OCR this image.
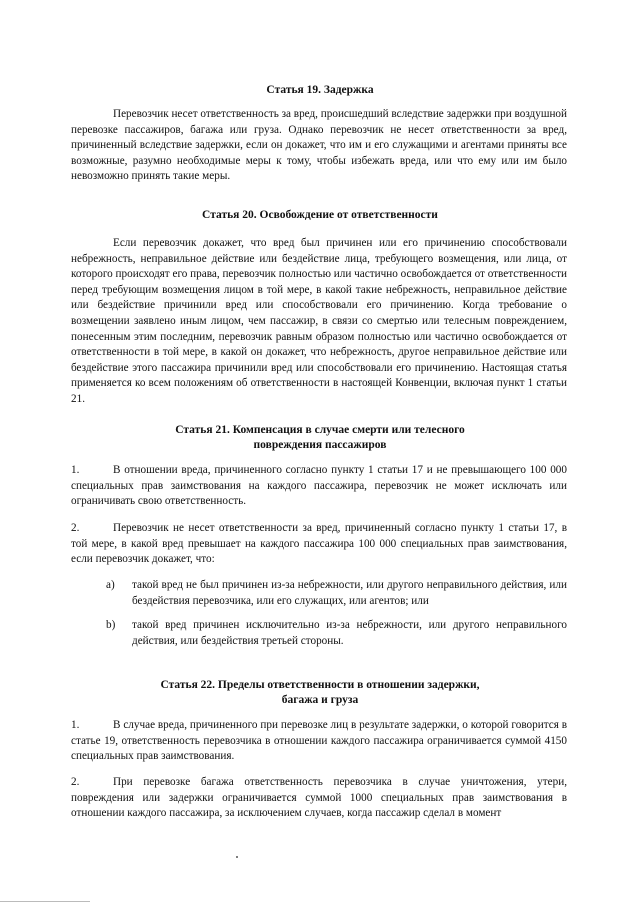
Статья 19. Задержка

Перевозчик несет ответственность за вред, происшедший вследствие задержки при воздушной перевозке пассажиров, багажа или груза. Однако перевозчик не несет ответственности за вред, причиненный вследствие задержки, если он докажет, что им и его служащими и агентами приняты все возможные, разумно необходимые меры к тому, чтобы избежать вреда, или что ему или им было невозможно принять такие меры.

Статья 20. Освобождение от ответственности

Если перевозчик докажет, что вред был причинен или его причинению способствовали небрежность, неправильное действие или бездействие лица, требующего возмещения, или лица, от которого происходят его права, перевозчик полностью или частично освобождается от ответственности перед требующим возмещения лицом в той мере, в какой такие небрежность, неправильное действие или бездействие причинили вред или способствовали его причинению. Когда требование о возмещении заявлено иным лицом, чем пассажир, в связи со смертью или телесным повреждением, понесенным этим последним, перевозчик равным образом полностью или частично освобождается от ответственности в той мере, в какой он докажет, что небрежность, другое неправильное действие или бездействие этого пассажира причинили вред или способствовали его причинению. Настоящая статья применяется ко всем положениям об ответственности в настоящей Конвенции, включая пункт 1 статьи 21.

Статья 21. Компенсация в случае смерти или телесного
повреждения пассажиров

1.	В отношении вреда, причиненного согласно пункту 1 статьи 17 и не превышающего 100 000 специальных прав заимствования на каждого пассажира, перевозчик не может исключать или ограничивать свою ответственность.

2.	Перевозчик не несет ответственности за вред, причиненный согласно пункту 1 статьи 17, в той мере, в какой вред превышает на каждого пассажира 100 000 специальных прав заимствования, если перевозчик докажет, что:

a) такой вред не был причинен из-за небрежности, или другого неправильного действия, или бездействия перевозчика, или его служащих, или агентов; или
b) такой вред причинен исключительно из-за небрежности, или другого неправильного действия, или бездействия третьей стороны.
Статья 22. Пределы ответственности в отношении задержки,
багажа и груза

1.	В случае вреда, причиненного при перевозке лиц в результате задержки, о которой говорится в статье 19, ответственность перевозчика в отношении каждого пассажира ограничивается суммой 4150 специальных прав заимствования.

2.	При перевозке багажа ответственность перевозчика в случае уничтожения, утери, повреждения или задержки ограничивается суммой 1000 специальных прав заимствования в отношении каждого пассажира, за исключением случаев, когда пассажир сделал в момент
